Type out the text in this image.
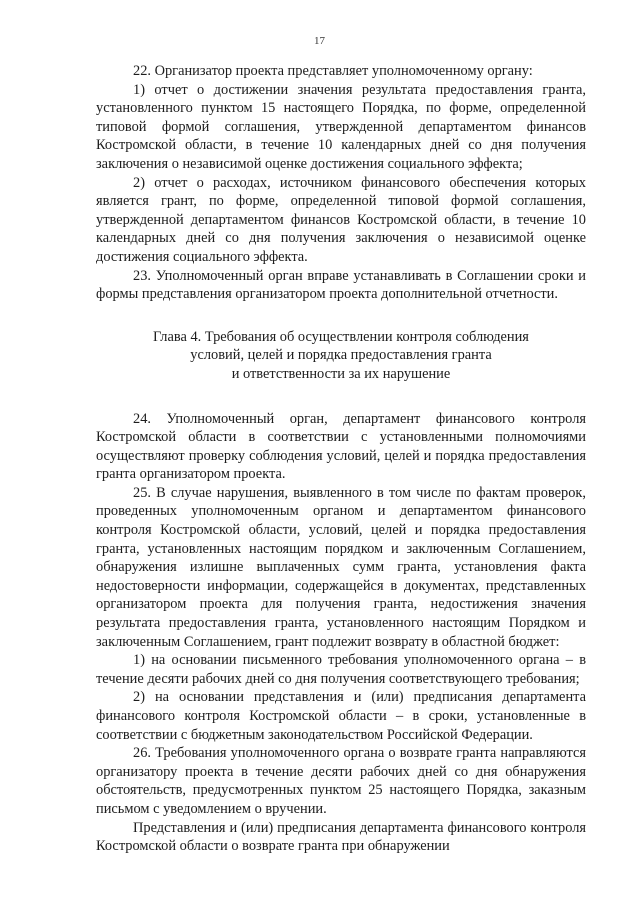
17

22. Организатор проекта представляет уполномоченному органу:

1) отчет о достижении значения результата предоставления гранта, установленного пунктом 15 настоящего Порядка, по форме, определенной типовой формой соглашения, утвержденной департаментом финансов Костромской области, в течение 10 календарных дней со дня получения заключения о независимой оценке достижения социального эффекта;

2) отчет о расходах, источником финансового обеспечения которых является грант, по форме, определенной типовой формой соглашения, утвержденной департаментом финансов Костромской области, в течение 10 календарных дней со дня получения заключения о независимой оценке достижения социального эффекта.

23. Уполномоченный орган вправе устанавливать в Соглашении сроки и формы представления организатором проекта дополнительной отчетности.

Глава 4. Требования об осуществлении контроля соблюдения
условий, целей и порядка предоставления гранта
и ответственности за их нарушение

24. Уполномоченный орган, департамент финансового контроля Костромской области в соответствии с установленными полномочиями осуществляют проверку соблюдения условий, целей и порядка предоставления гранта организатором проекта.

25. В случае нарушения, выявленного в том числе по фактам проверок, проведенных уполномоченным органом и департаментом финансового контроля Костромской области, условий, целей и порядка предоставления гранта, установленных настоящим порядком и заключенным Соглашением, обнаружения излишне выплаченных сумм гранта, установления факта недостоверности информации, содержащейся в документах, представленных организатором проекта для получения гранта, недостижения значения результата предоставления гранта, установленного настоящим Порядком и заключенным Соглашением, грант подлежит возврату в областной бюджет:

1) на основании письменного требования уполномоченного органа – в течение десяти рабочих дней со дня получения соответствующего требования;

2) на основании представления и (или) предписания департамента финансового контроля Костромской области – в сроки, установленные в соответствии с бюджетным законодательством Российской Федерации.

26. Требования уполномоченного органа о возврате гранта направляются организатору проекта в течение десяти рабочих дней со дня обнаружения обстоятельств, предусмотренных пунктом 25 настоящего Порядка, заказным письмом с уведомлением о вручении.

Представления и (или) предписания департамента финансового контроля Костромской области о возврате гранта при обнаружении
